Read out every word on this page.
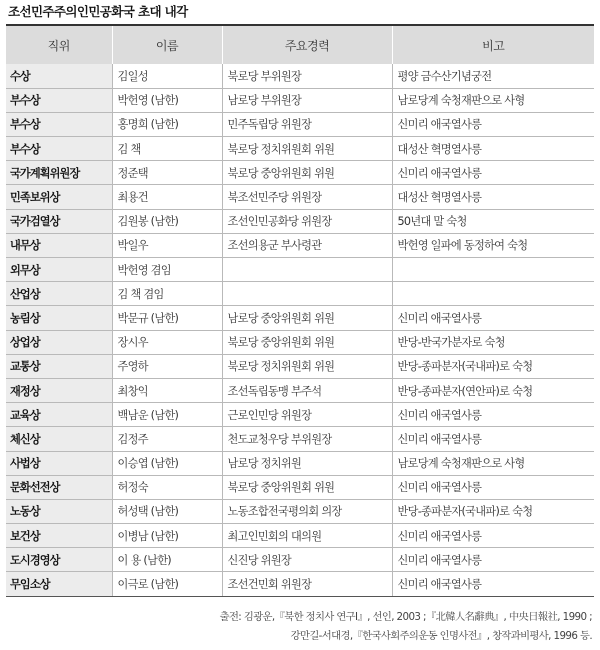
조선민주주의인민공화국 초대 내각
직위	이름	주요경력	비고
수상	김일성	북로당 부위원장	평양 금수산기념궁전
부수상	박헌영 (남한)	남로당 부위원장	남로당계 숙청재판으로 사형
부수상	홍명희 (남한)	민주독립당 위원장	신미리 애국열사릉
부수상	김 책	북로당 정치위원회 위원	대성산 혁명열사릉
국가계획위원장	정준택	북로당 중앙위원회 위원	신미리 애국열사릉
민족보위상	최용건	북조선민주당 위원장	대성산 혁명열사릉
국가검열상	김원봉 (남한)	조선인민공화당 위원장	50년대 말 숙청
내무상	박일우	조선의용군 부사령관	박헌영 일파에 동정하여 숙청
외무상	박헌영 겸임		
산업상	김 책 겸임		
농림상	박문규 (남한)	남로당 중앙위원회 위원	신미리 애국열사릉
상업상	장시우	북로당 중앙위원회 위원	반당-반국가분자로 숙청
교통상	주영하	북로당 정치위원회 위원	반당-종파분자(국내파)로 숙청
재정상	최창익	조선독립동맹 부주석	반당-종파분자(연안파)로 숙청
교육상	백남운 (남한)	근로인민당 위원장	신미리 애국열사릉
체신상	김정주	천도교청우당 부위원장	신미리 애국열사릉
사법상	이승엽 (남한)	남로당 정치위원	남로당계 숙청재판으로 사형
문화선전상	허정숙	북로당 중앙위원회 위원	신미리 애국열사릉
노동상	허성택 (남한)	노동조합전국평의회 의장	반당-종파분자(국내파)로 숙청
보건상	이병남 (남한)	최고인민회의 대의원	신미리 애국열사릉
도시경영상	이 용 (남한)	신진당 위원장	신미리 애국열사릉
무임소상	이극로 (남한)	조선건민회 위원장	신미리 애국열사릉
출전: 김광운,『북한 정치사 연구Ⅰ』, 선인, 2003 ;『北韓人名辭典』, 中央日報社, 1990 ;
강만길-서대경,『한국사회주의운동 인명사전』, 창작과비평사, 1996 등.
